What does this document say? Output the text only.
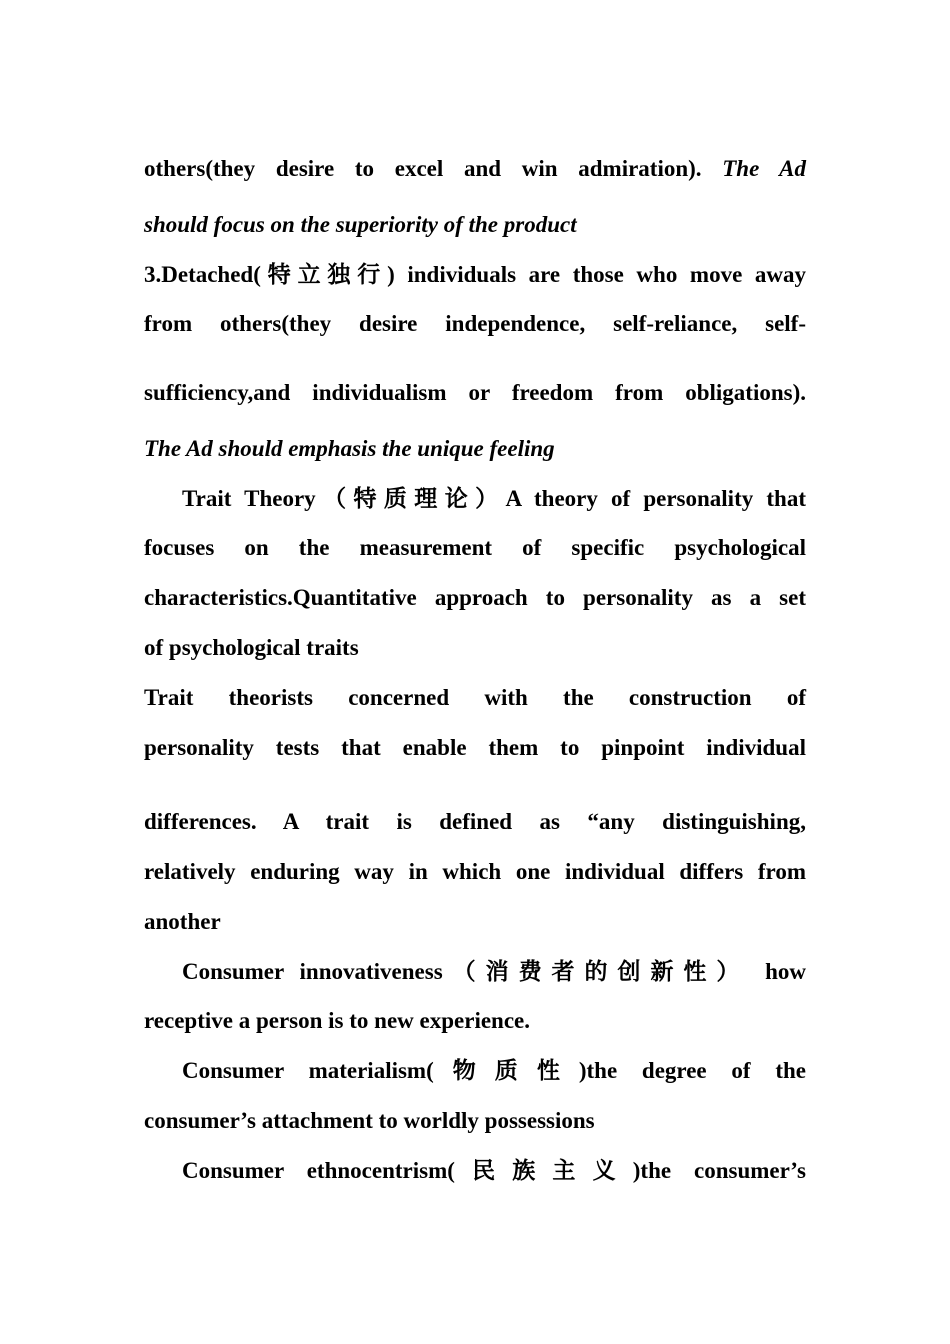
others(they desire to excel and win admiration). The Ad
should focus on the superiority of the product
3.Detached(特立独行) individuals are those who move away
from others(they desire independence, self-reliance, self-
sufficiency,and individualism or freedom from obligations).
The Ad should emphasis the unique feeling
Trait Theory（特质理论）A theory of personality that
focuses on the measurement of specific psychological
characteristics.Quantitative approach to personality as a set
of psychological traits
Trait theorists concerned with the construction of
personality tests that enable them to pinpoint individual
differences. A trait is defined as “any distinguishing,
relatively enduring way in which one individual differs from
another
Consumer innovativeness（消费者的创新性） how
receptive a person is to new experience.
Consumer materialism(物质性)the degree of the
consumer’s attachment to worldly possessions
Consumer ethnocentrism(民族主义)the consumer’s
